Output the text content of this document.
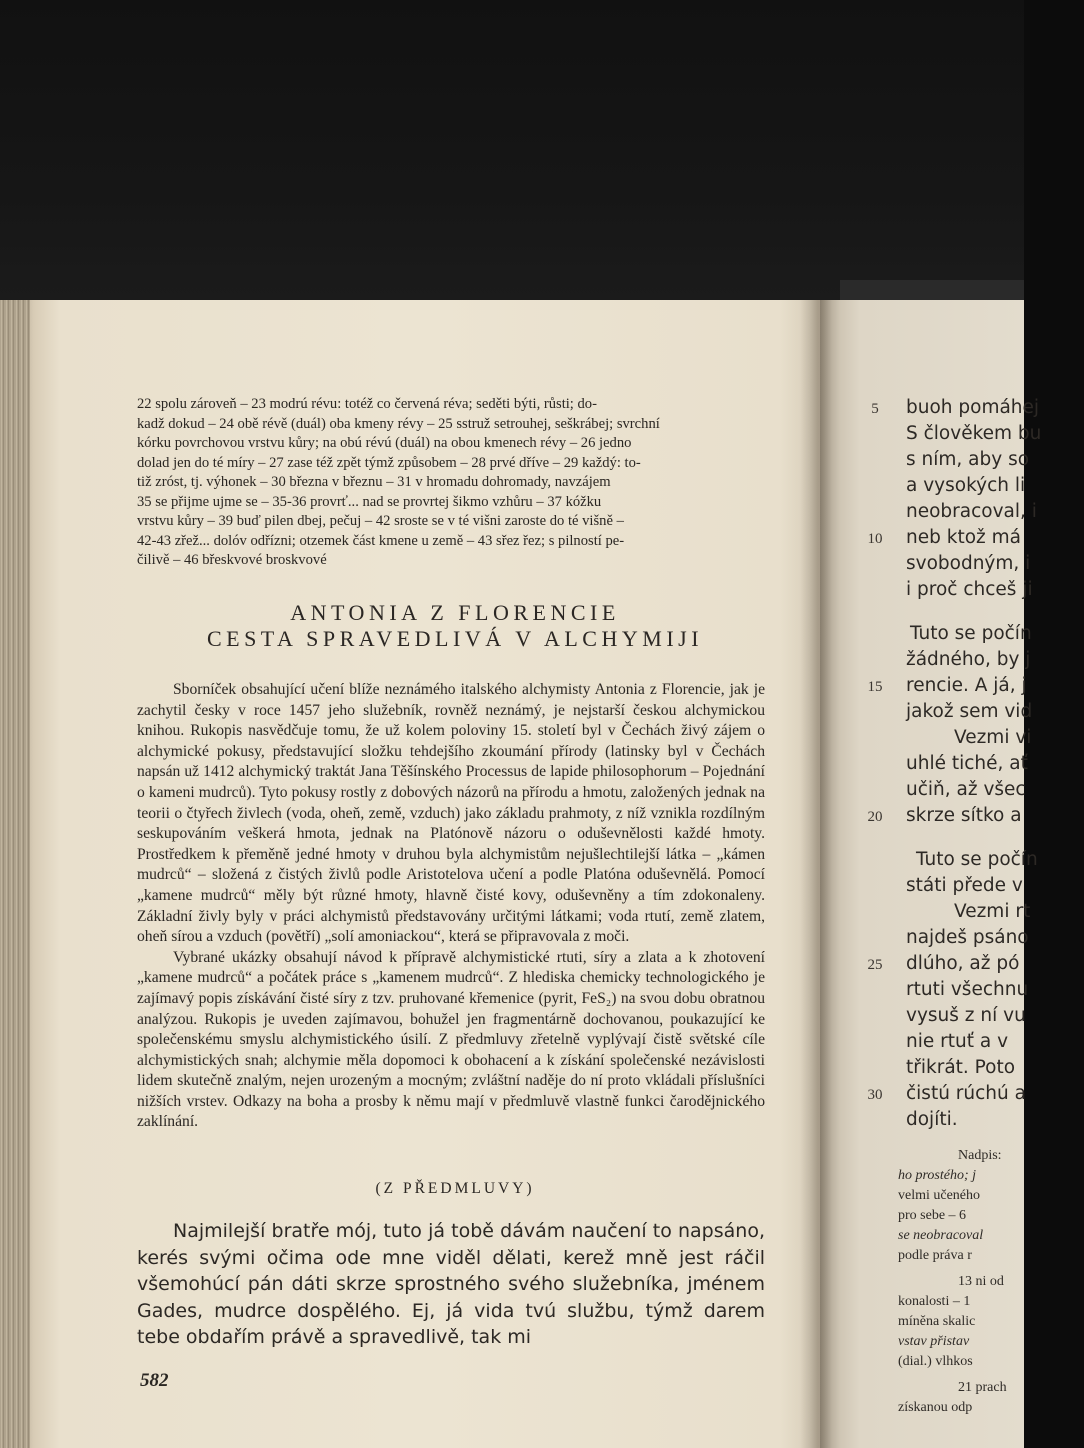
22 spolu zároveň – 23 modrú révu: totéž co červená réva; seděti býti, růsti; do-

kadž dokud – 24 obě révě (duál) oba kmeny révy – 25 sstruž setrouhej, seškrábej; svrchní

kórku povrchovou vrstvu kůry; na obú révú (duál) na obou kmenech révy – 26 jedno

dolad jen do té míry – 27 zase též zpět týmž způsobem – 28 prvé dříve – 29 každý: to-

tiž zróst, tj. výhonek – 30 března v březnu – 31 v hromadu dohromady, navzájem

35 se přijme ujme se – 35-36 provrť... nad se provrtej šikmo vzhůru – 37 kóžku

vrstvu kůry – 39 buď pilen dbej, pečuj – 42 sroste se v té višni zaroste do té višně –

42-43 zřež... dolóv odřízni; otzemek část kmene u země – 43 sřez řez; s pilností pe-

čilivě – 46 břeskvové broskvové

ANTONIA Z FLORENCIE
CESTA SPRAVEDLIVÁ V ALCHYMIJI

Sborníček obsahující učení blíže neznámého italského alchymisty Antonia z Florencie, jak je zachytil česky v roce 1457 jeho služebník, rovněž neznámý, je nejstarší českou alchymickou knihou. Rukopis nasvědčuje tomu, že už kolem poloviny 15. století byl v Čechách živý zájem o alchymické pokusy, představující složku tehdejšího zkoumání přírody (latinsky byl v Čechách napsán už 1412 alchymický traktát Jana Těšínského Processus de lapide philosophorum – Pojednání o kameni mudrců). Tyto pokusy rostly z dobových názorů na přírodu a hmotu, založených jednak na teorii o čtyřech živlech (voda, oheň, země, vzduch) jako základu prahmoty, z níž vznikla rozdílným seskupováním veškerá hmota, jednak na Platónově názoru o oduševnělosti každé hmoty. Prostředkem k přeměně jedné hmoty v druhou byla alchymistům nejušlechtilejší látka – „kámen mudrců“ – složená z čistých živlů podle Aristotelova učení a podle Platóna oduševnělá. Pomocí „kamene mudrců“ měly být různé hmoty, hlavně čisté kovy, oduševněny a tím zdokonaleny. Základní živly byly v práci alchymistů představovány určitými látkami; voda rtutí, země zlatem, oheň sírou a vzduch (povětří) „solí amoniackou“, která se připravovala z moči.

Vybrané ukázky obsahují návod k přípravě alchymistické rtuti, síry a zlata a k zhotovení „kamene mudrců“ a počátek práce s „kamenem mudrců“. Z hlediska chemicky technologického je zajímavý popis získávání čisté síry z tzv. pruhované křemenice (pyrit, FeS₂) na svou dobu obratnou analýzou. Rukopis je uveden zajímavou, bohužel jen fragmentárně dochovanou, poukazující ke společenskému smyslu alchymistického úsilí. Z předmluvy zřetelně vyplývají čistě světské cíle alchymistických snah; alchymie měla dopomoci k obohacení a k získání společenské nezávislosti lidem skutečně znalým, nejen urozeným a mocným; zvláštní naděje do ní proto vkládali příslušníci nižších vrstev. Odkazy na boha a prosby k němu mají v předmluvě vlastně funkci čarodějnického zaklínání.

(Z PŘEDMLUVY)
Najmilejší bratře mój, tuto já tobě dávám naučení to napsáno, kerés svými očima ode mne viděl dělati, kerež mně jest ráčil všemohúcí pán dáti skrze sprostného svého služebníka, jménem Gades, mudrce dospělého. Ej, já vida tvú službu, týmž darem tebe obdařím právě a spravedlivě, tak mi
582
buoh pomáhej
S člověkem bu
s ním, aby so
a vysokých li
neobracoval, i
neb ktož má
svobodným, i
i proč chceš ji
Tuto se počín
žádného, by j
rencie. A já, j
jakož sem vid
Vezmi vi
uhlé tiché, ať
učiň, až všec
skrze sítko a
Tuto se počín
státi přede v
Vezmi rt
najdeš psáno
dlúho, až pó
rtuti všechnu
vysuš z ní vu
nie rtuť a v
třikrát. Poto
čistú rúchú a
dojíti.
5
10
15
20
25
30
Nadpis:
ho prostého; j
velmi učeného
pro sebe – 6
se neobracoval
podle práva r
13 ni od
konalosti – 1
míněna skalic
vstav přistav
(dial.) vlhkos
21 prach
získanou odp
